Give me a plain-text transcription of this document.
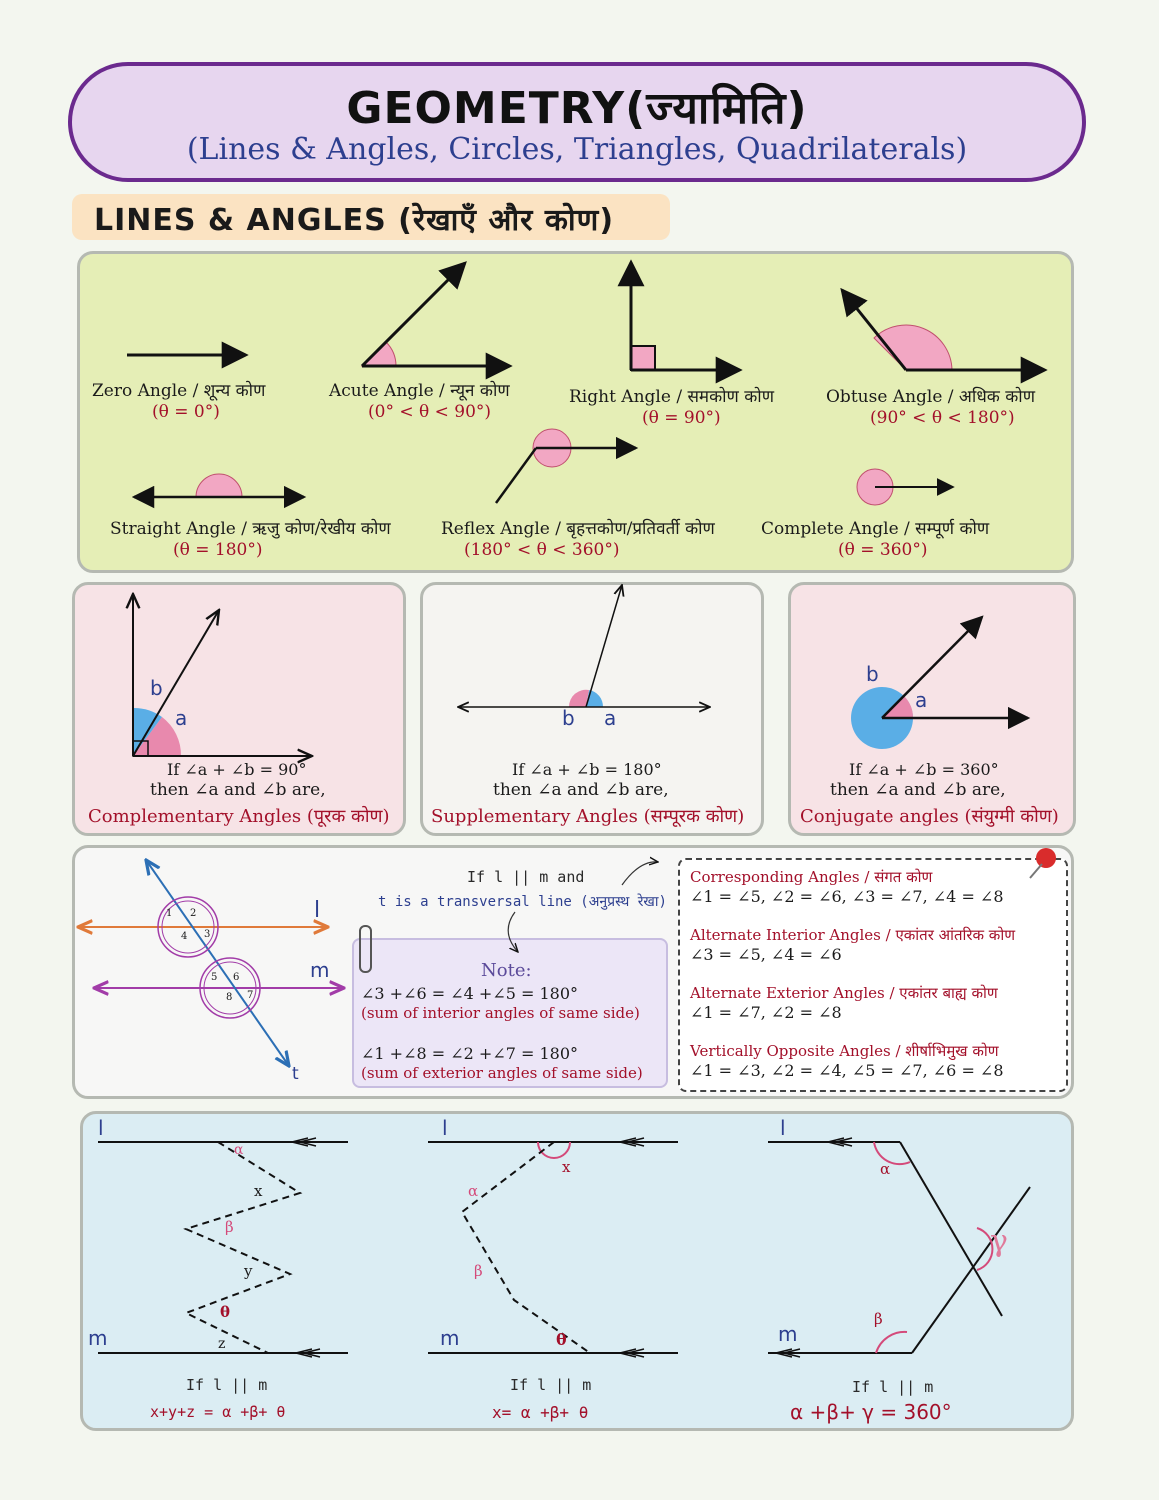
GEOMETRY(ज्यामिति)
(Lines & Angles, Circles, Triangles, Quadrilaterals)
LINES & ANGLES (रेखाएँ और कोण)
Zero Angle / शून्य कोण
(θ = 0°)
Acute Angle / न्यून कोण
(0° < θ < 90°)
Right Angle / समकोण कोण
(θ = 90°)
Obtuse Angle / अधिक कोण
(90° < θ < 180°)
Straight Angle / ऋजु कोण/रेखीय कोण
(θ = 180°)
Reflex Angle / बृहत्तकोण/प्रतिवर्ती कोण
(180° < θ < 360°)
Complete Angle / सम्पूर्ण कोण
(θ = 360°)
b
a
If ∠a + ∠b = 90°
then ∠a and ∠b are,
Complementary Angles (पूरक कोण)
b a
If ∠a + ∠b = 180°
then ∠a and ∠b are,
Supplementary Angles (सम्पूरक कोण)
b
a
If ∠a + ∠b = 360°
then ∠a and ∠b are,
Conjugate angles (संयुग्मी कोण)
l
m
t
1 2
3
4
5 6
7
8
If l || m and
t is a transversal line (अनुप्रस्थ रेखा)
Note:
∠3 +∠6 = ∠4 +∠5 = 180°
(sum of interior angles of same side)
∠1 +∠8 = ∠2 +∠7 = 180°
(sum of exterior angles of same side)
Corresponding Angles / संगत कोण
∠1 = ∠5, ∠2 = ∠6, ∠3 = ∠7, ∠4 = ∠8
Alternate Interior Angles / एकांतर आंतरिक कोण
∠3 = ∠5, ∠4 = ∠6
Alternate Exterior Angles / एकांतर बाह्य कोण
∠1 = ∠7, ∠2 = ∠8
Vertically Opposite Angles / शीर्षाभिमुख कोण
∠1 = ∠3, ∠2 = ∠4, ∠5 = ∠7, ∠6 = ∠8
l
m
α
x
β
y
θ
z
If l || m
x+y+z = α +β+ θ
l
m
x
α
β
θ
If l || m
x= α +β+ θ
l
m
α
γ
β
If l || m
α +β+ γ = 360°
